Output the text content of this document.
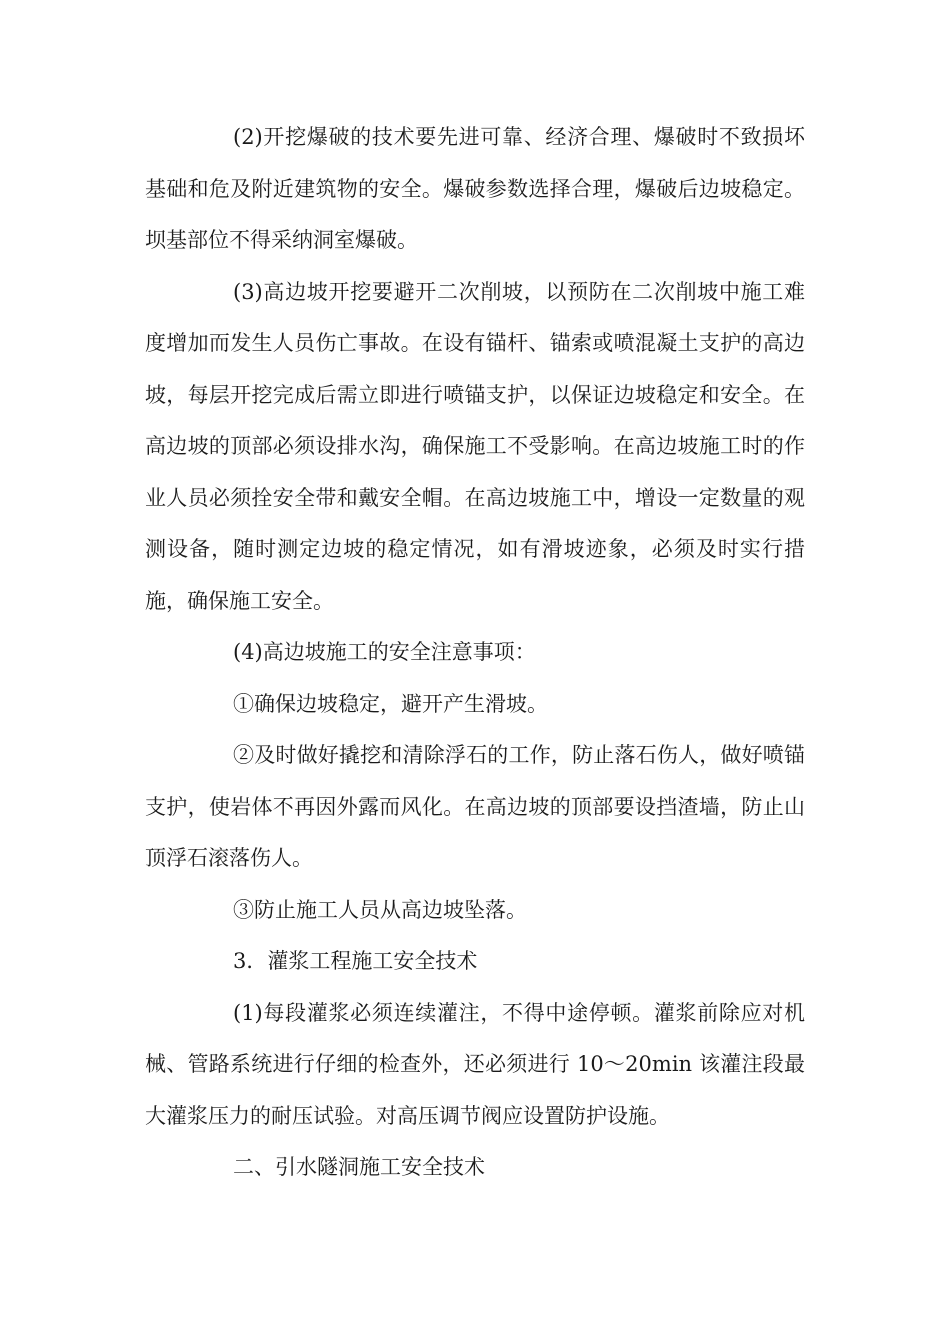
(2)开挖爆破的技术要先进可靠、经济合理、爆破时不致损坏基础和危及附近建筑物的安全。爆破参数选择合理，爆破后边坡稳定。坝基部位不得采纳洞室爆破。

(3)高边坡开挖要避开二次削坡，以预防在二次削坡中施工难度增加而发生人员伤亡事故。在设有锚杆、锚索或喷混凝土支护的高边坡，每层开挖完成后需立即进行喷锚支护，以保证边坡稳定和安全。在高边坡的顶部必须设排水沟，确保施工不受影响。在高边坡施工时的作业人员必须拴安全带和戴安全帽。在高边坡施工中，增设一定数量的观测设备，随时测定边坡的稳定情况，如有滑坡迹象，必须及时实行措施，确保施工安全。

(4)高边坡施工的安全注意事项：

①确保边坡稳定，避开产生滑坡。

②及时做好撬挖和清除浮石的工作，防止落石伤人，做好喷锚支护，使岩体不再因外露而风化。在高边坡的顶部要设挡渣墙，防止山顶浮石滚落伤人。

③防止施工人员从高边坡坠落。

3．灌浆工程施工安全技术

(1)每段灌浆必须连续灌注，不得中途停顿。灌浆前除应对机械、管路系统进行仔细的检查外，还必须进行 10～20min 该灌注段最大灌浆压力的耐压试验。对高压调节阀应设置防护设施。

二、引水隧洞施工安全技术
